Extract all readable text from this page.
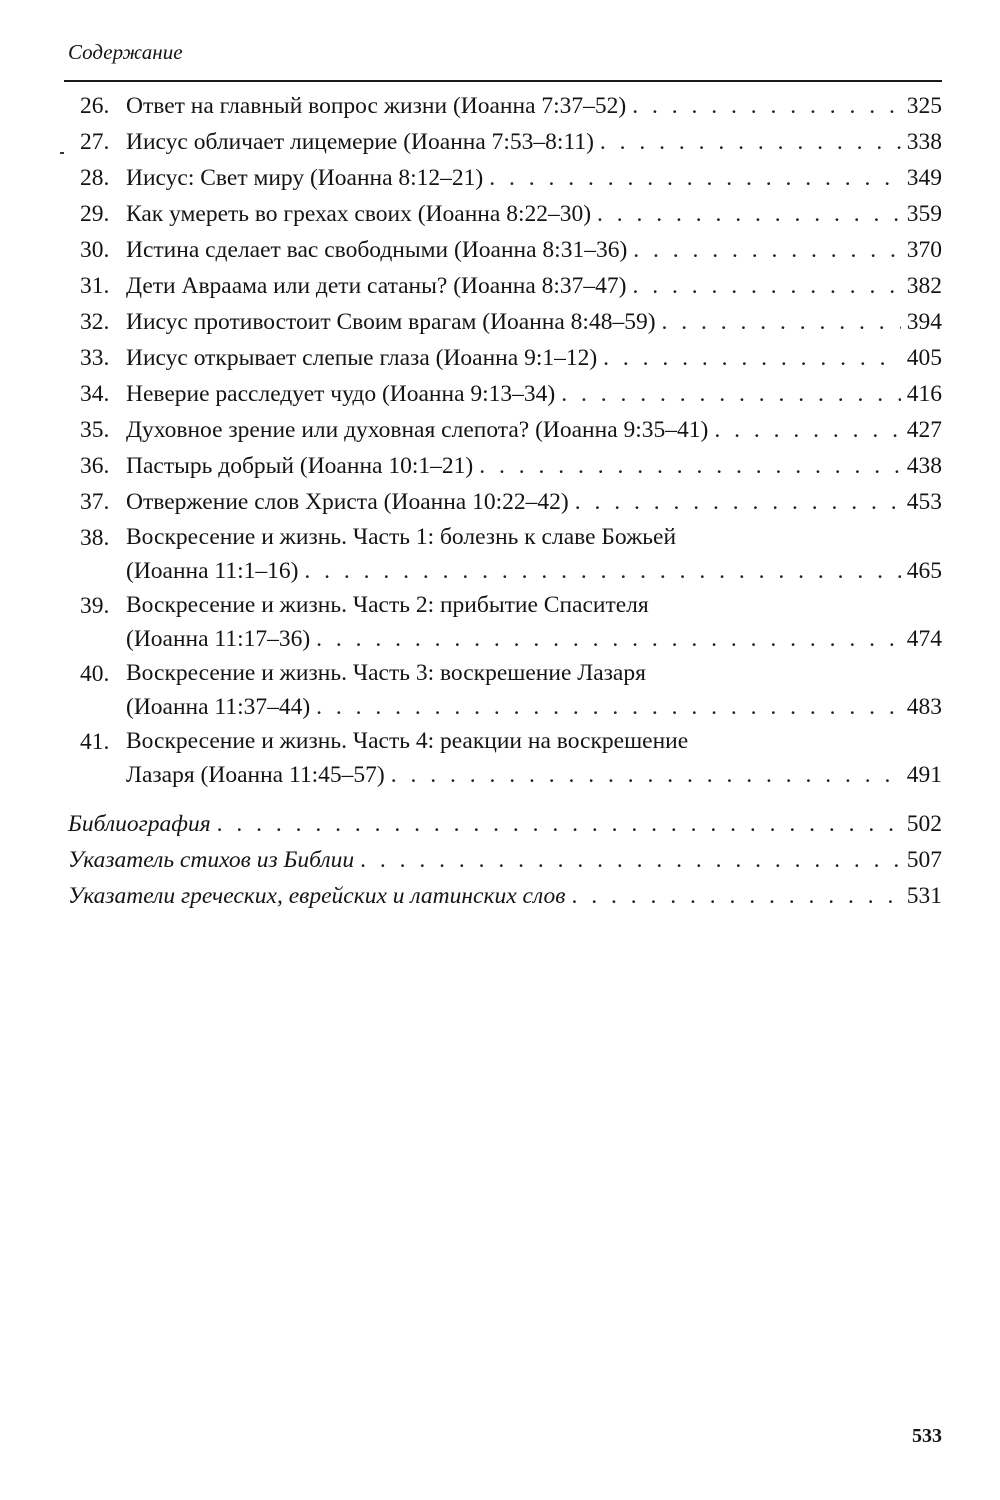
Содержание
26. Ответ на главный вопрос жизни (Иоанна 7:37–52) . . .	325
27. Иисус обличает лицемерие (Иоанна 7:53–8:11) . . .	338
28. Иисус: Свет миру (Иоанна 8:12–21) . . .	349
29. Как умереть во грехах своих (Иоанна 8:22–30) . . .	359
30. Истина сделает вас свободными (Иоанна 8:31–36) . . .	370
31. Дети Авраама или дети сатаны? (Иоанна 8:37–47) . . .	382
32. Иисус противостоит Своим врагам (Иоанна 8:48–59) . . .	394
33. Иисус открывает слепые глаза (Иоанна 9:1–12) . . .	405
34. Неверие расследует чудо (Иоанна 9:13–34) . . .	416
35. Духовное зрение или духовная слепота? (Иоанна 9:35–41) . . .	427
36. Пастырь добрый (Иоанна 10:1–21) . . .	438
37. Отвержение слов Христа (Иоанна 10:22–42) . . .	453
38. Воскресение и жизнь. Часть 1: болезнь к славе Божьей
(Иоанна 11:1–16) . . .	465
39. Воскресение и жизнь. Часть 2: прибытие Спасителя
(Иоанна 11:17–36) . . .	474
40. Воскресение и жизнь. Часть 3: воскрешение Лазаря
(Иоанна 11:37–44) . . .	483
41. Воскресение и жизнь. Часть 4: реакции на воскрешение
Лазаря (Иоанна 11:45–57) . . .	491
Библиография . . .	502
Указатель стихов из Библии . . .	507
Указатели греческих, еврейских и латинских слов . . .	531
533
